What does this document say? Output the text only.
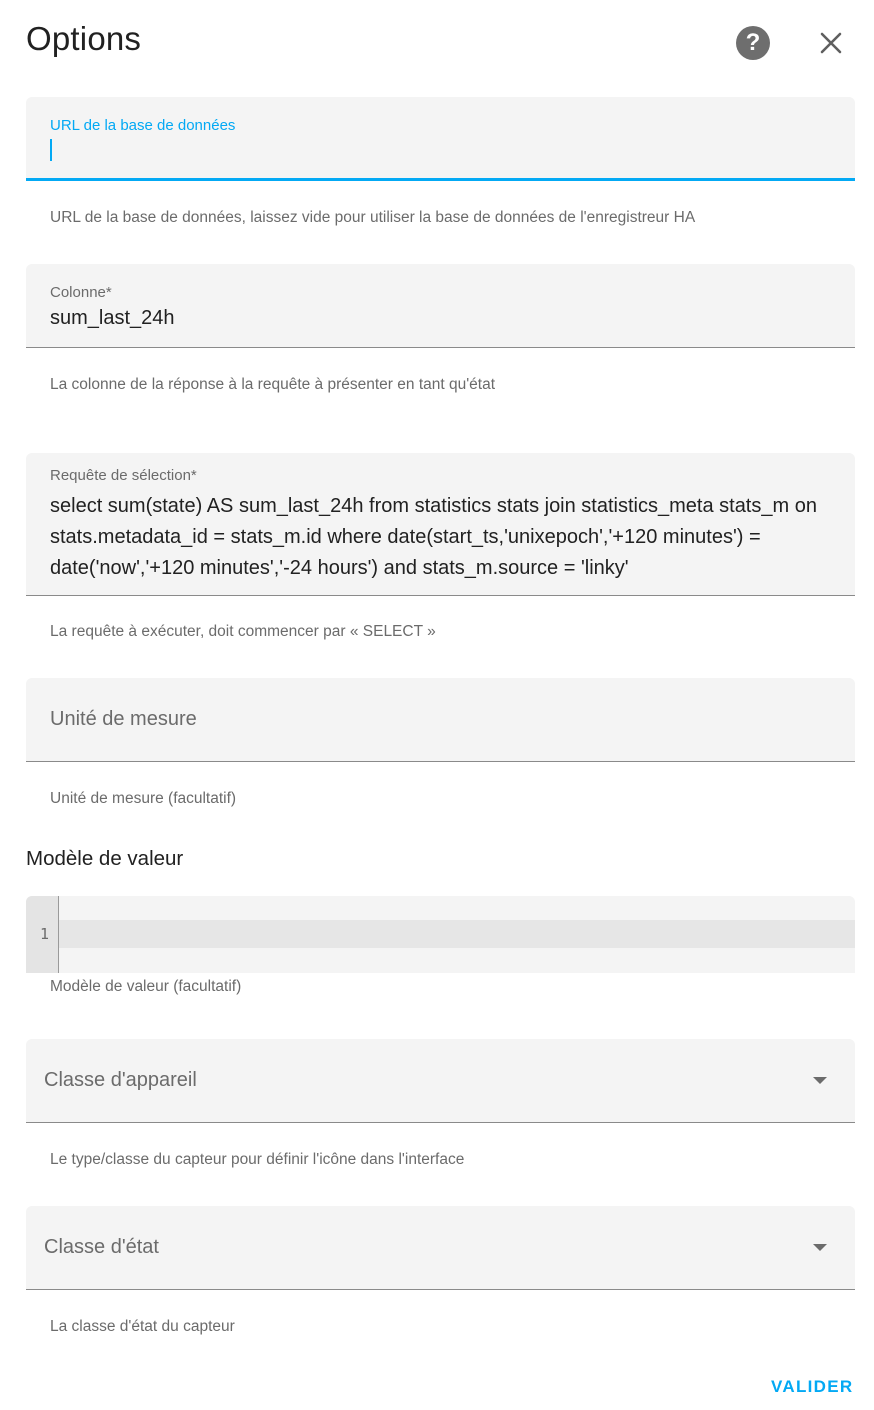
Options	?
URL de la base de données
URL de la base de données, laissez vide pour utiliser la base de données de l'enregistreur HA
Colonne*
sum_last_24h
La colonne de la réponse à la requête à présenter en tant qu'état
Requête de sélection*
select sum(state) AS sum_last_24h from statistics stats join statistics_meta stats_m on stats.metadata_id = stats_m.id where date(start_ts,'unixepoch','+120 minutes') = date('now','+120 minutes','-24 hours') and stats_m.source = 'linky'
La requête à exécuter, doit commencer par « SELECT »
Unité de mesure
Unité de mesure (facultatif)
Modèle de valeur
1
Modèle de valeur (facultatif)
Classe d'appareil
Le type/classe du capteur pour définir l'icône dans l'interface
Classe d'état
La classe d'état du capteur
VALIDER
